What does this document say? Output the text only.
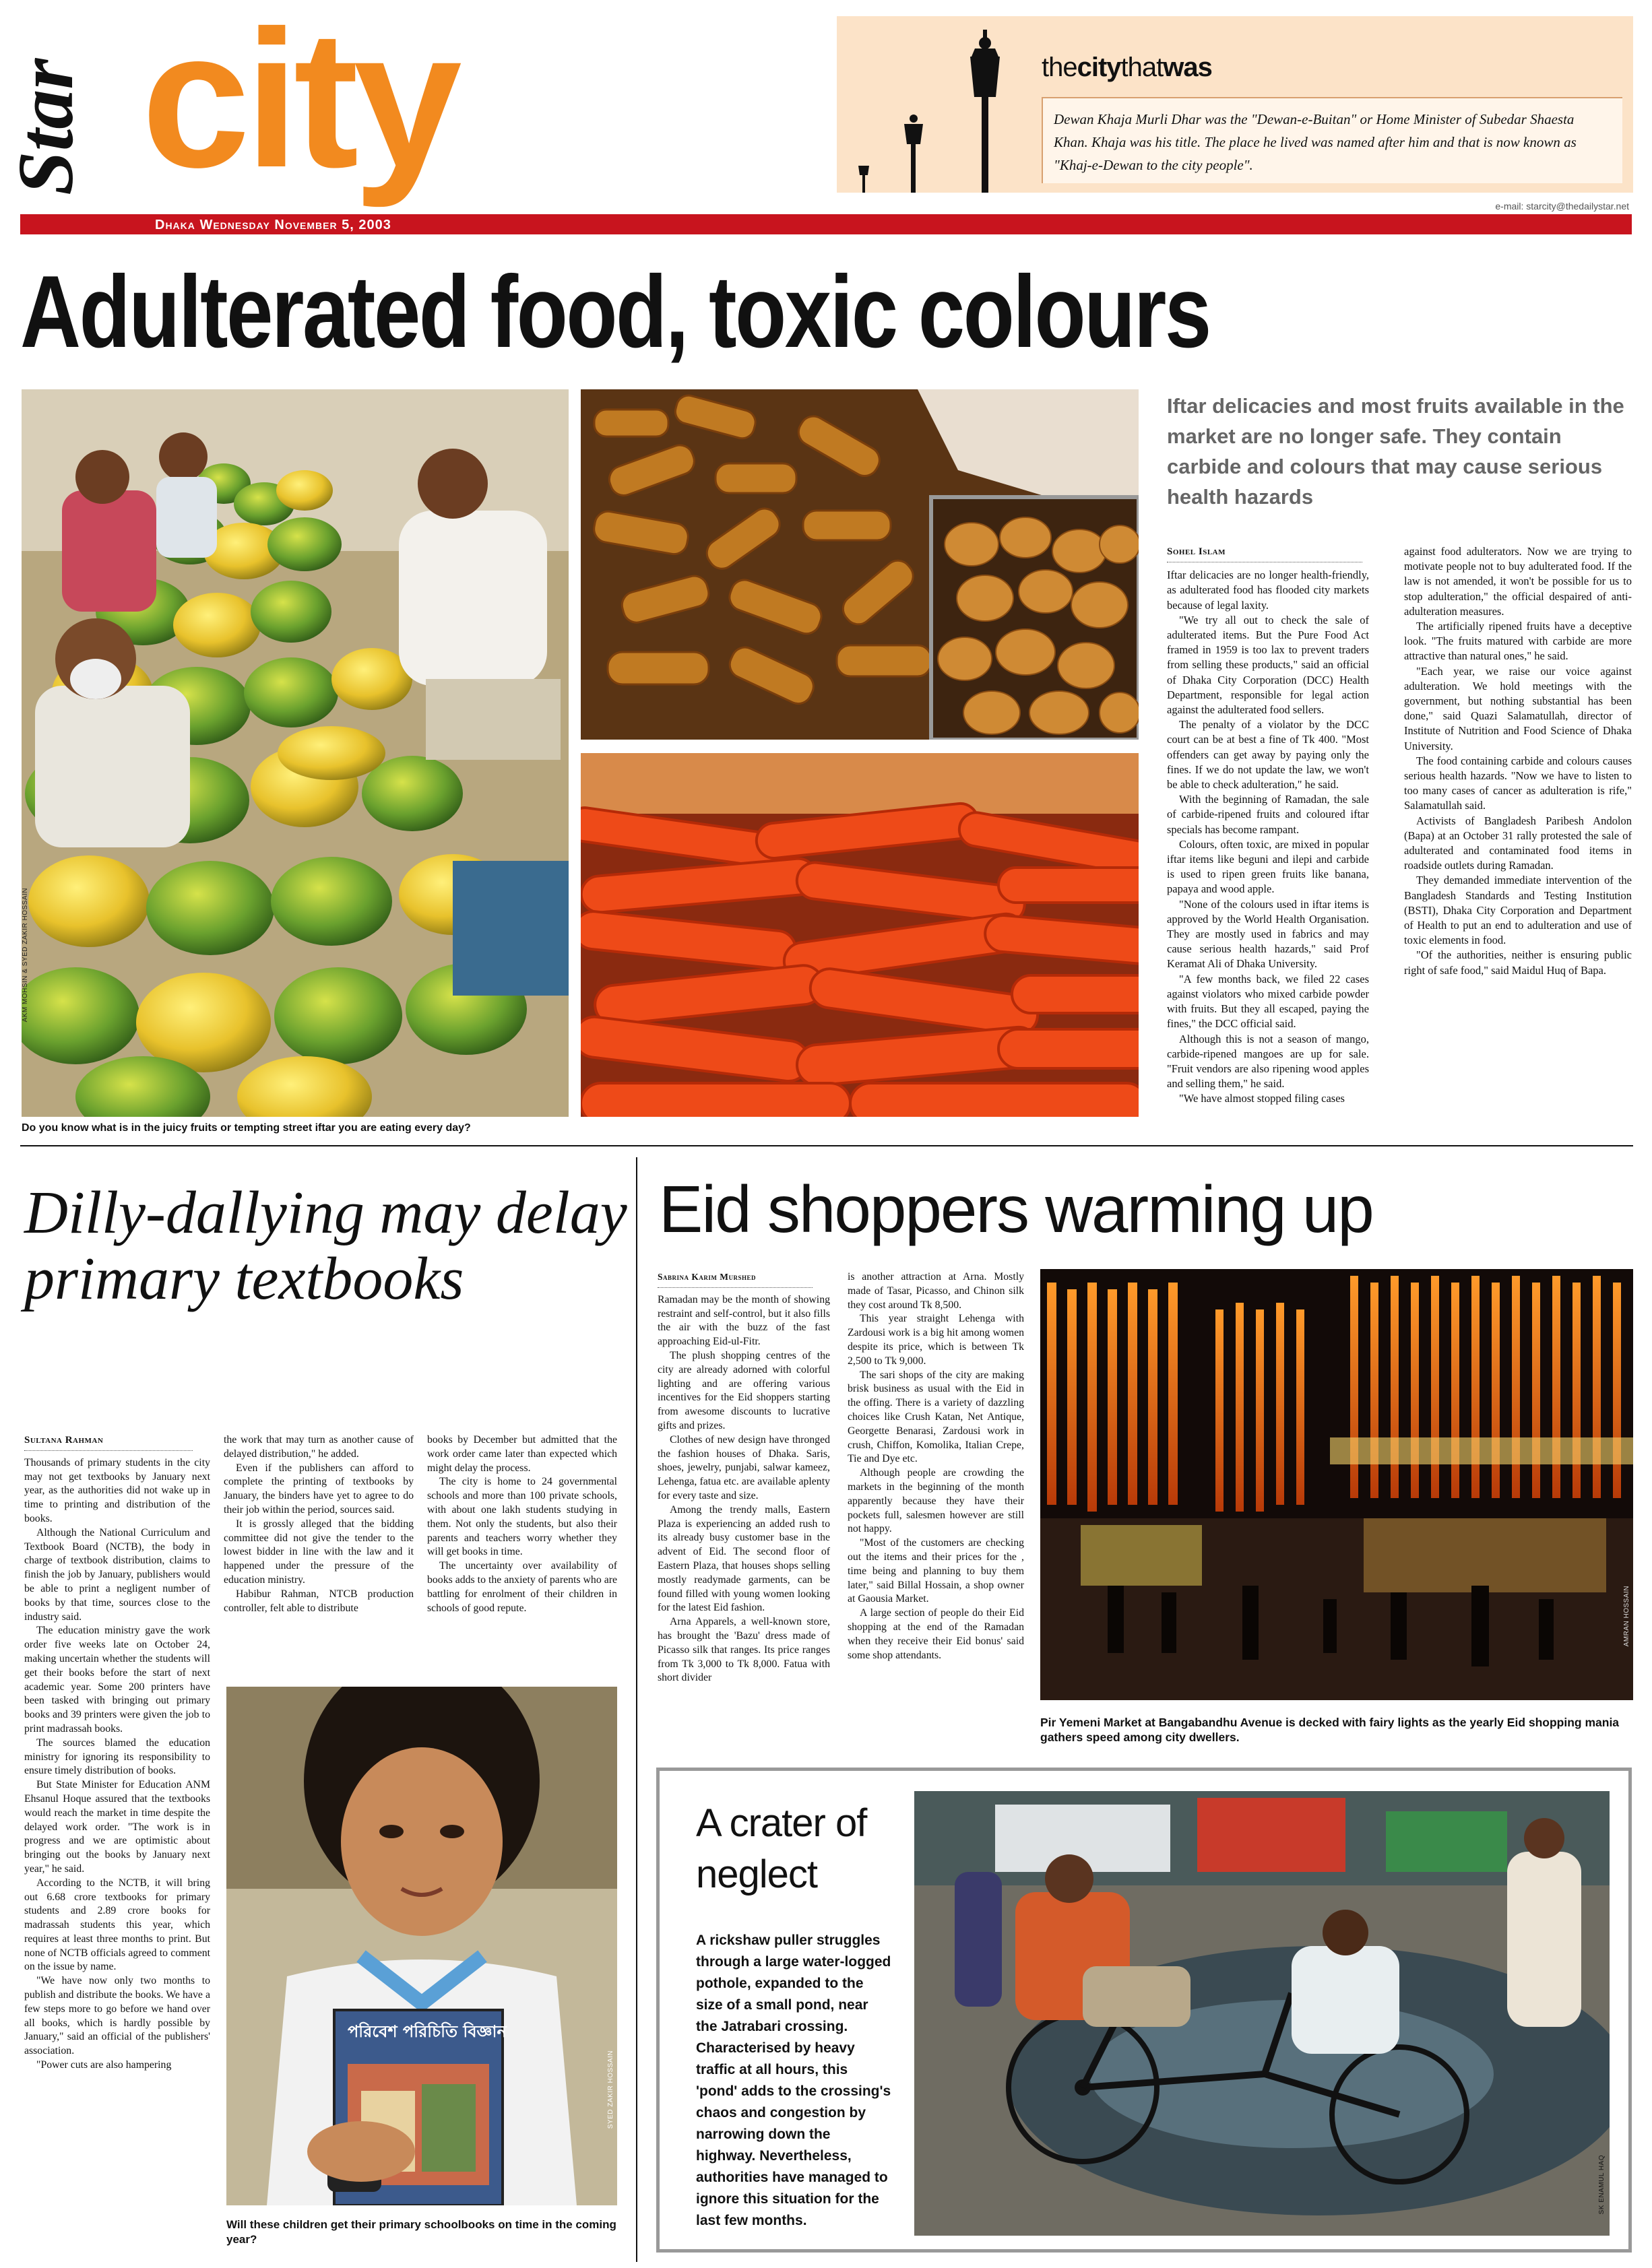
Star city
Dhaka Wednesday November 5, 2003
e-mail: starcity@thedailystar.net
thecitythatwas
Dewan Khaja Murli Dhar was the "Dewan-e-Buitan" or Home Minister of Subedar Shaesta Khan. Khaja was his title. The place he lived was named after him and that is now known as "Khaj-e-Dewan to the city people".
Adulterated food, toxic colours
AKM MOHSIN & SYED ZAKIR HOSSAIN
Do you know what is in the juicy fruits or tempting street iftar you are eating every day?
Iftar delicacies and most fruits available in the market are no longer safe. They contain carbide and colours that may cause serious health hazards
Sohel Islam

Iftar delicacies are no longer health-friendly, as adulterated food has flooded city markets because of legal laxity.

"We try all out to check the sale of adulterated items. But the Pure Food Act framed in 1959 is too lax to prevent traders from selling these products," said an official of Dhaka City Corporation (DCC) Health Department, responsible for legal action against the adulterated food sellers.

The penalty of a violator by the DCC court can be at best a fine of Tk 400. "Most offenders can get away by paying only the fines. If we do not update the law, we won't be able to check adulteration," he said.

With the beginning of Ramadan, the sale of carbide-ripened fruits and coloured iftar specials has become rampant.

Colours, often toxic, are mixed in popular iftar items like beguni and ilepi and carbide is used to ripen green fruits like banana, papaya and wood apple.

"None of the colours used in iftar items is approved by the World Health Organisation. They are mostly used in fabrics and may cause serious health hazards," said Prof Keramat Ali of Dhaka University.

"A few months back, we filed 22 cases against violators who mixed carbide powder with fruits. But they all escaped, paying the fines," the DCC official said.

Although this is not a season of mango, carbide-ripened mangoes are up for sale. "Fruit vendors are also ripening wood apples and selling them," he said.

"We have almost stopped filing cases

against food adulterators. Now we are trying to motivate people not to buy adulterated food. If the law is not amended, it won't be possible for us to stop adulteration," the official despaired of anti-adulteration measures.

The artificially ripened fruits have a deceptive look. "The fruits matured with carbide are more attractive than natural ones," he said.

"Each year, we raise our voice against adulteration. We hold meetings with the government, but nothing substantial has been done," said Quazi Salamatullah, director of Institute of Nutrition and Food Science of Dhaka University.

The food containing carbide and colours causes serious health hazards. "Now we have to listen to too many cases of cancer as adulteration is rife," Salamatullah said.

Activists of Bangladesh Paribesh Andolon (Bapa) at an October 31 rally protested the sale of adulterated and contaminated food items in roadside outlets during Ramadan.

They demanded immediate intervention of the Bangladesh Standards and Testing Institution (BSTI), Dhaka City Corporation and Department of Health to put an end to adulteration and use of toxic elements in food.

"Of the authorities, neither is ensuring public right of safe food," said Maidul Huq of Bapa.

Dilly-dallying may delay primary textbooks
Sultana Rahman

Thousands of primary students in the city may not get textbooks by January next year, as the authorities did not wake up in time to printing and distribution of the books.

Although the National Curriculum and Textbook Board (NCTB), the body in charge of textbook distribution, claims to finish the job by January, publishers would be able to print a negligent number of books by that time, sources close to the industry said.

The education ministry gave the work order five weeks late on October 24, making uncertain whether the students will get their books before the start of next academic year. Some 200 printers have been tasked with bringing out primary books and 39 printers were given the job to print madrassah books.

The sources blamed the education ministry for ignoring its responsibility to ensure timely distribution of books.

But State Minister for Education ANM Ehsanul Hoque assured that the textbooks would reach the market in time despite the delayed work order. "The work is in progress and we are optimistic about bringing out the books by January next year," he said.

According to the NCTB, it will bring out 6.68 crore textbooks for primary students and 2.89 crore books for madrassah students this year, which requires at least three months to print. But none of NCTB officials agreed to comment on the issue by name.

"We have now only two months to publish and distribute the books. We have a few steps more to go before we hand over all books, which is hardly possible by January," said an official of the publishers' association.

"Power cuts are also hampering

the work that may turn as another cause of delayed distribution," he added.

Even if the publishers can afford to complete the printing of textbooks by January, the binders have yet to agree to do their job within the period, sources said.

It is grossly alleged that the bidding committee did not give the tender to the lowest bidder in line with the law and it happened under the pressure of the education ministry.

Habibur Rahman, NTCB production controller, felt able to distribute

books by December but admitted that the work order came later than expected which might delay the process.

The city is home to 24 governmental schools and more than 100 private schools, with about one lakh students studying in them. Not only the students, but also their parents and teachers worry whether they will get books in time.

The uncertainty over availability of books adds to the anxiety of parents who are battling for enrolment of their children in schools of good repute.

পরিবেশ পরিচিতি বিজ্ঞান
SYED ZAKIR HOSSAIN
Will these children get their primary schoolbooks on time in the coming year?
Eid shoppers warming up
Sabrina Karim Murshed

Ramadan may be the month of showing restraint and self-control, but it also fills the air with the buzz of the fast approaching Eid-ul-Fitr.

The plush shopping centres of the city are already adorned with colorful lighting and are offering various incentives for the Eid shoppers starting from awesome discounts to lucrative gifts and prizes.

Clothes of new design have thronged the fashion houses of Dhaka. Saris, shoes, jewelry, punjabi, salwar kameez, Lehenga, fatua etc. are available aplenty for every taste and size.

Among the trendy malls, Eastern Plaza is experiencing an added rush to its already busy customer base in the advent of Eid. The second floor of Eastern Plaza, that houses shops selling mostly readymade garments, can be found filled with young women looking for the latest Eid fashion.

Arna Apparels, a well-known store, has brought the 'Bazu' dress made of Picasso silk that ranges. Its price ranges from Tk 3,000 to Tk 8,000. Fatua with short divider

is another attraction at Arna. Mostly made of Tasar, Picasso, and Chinon silk they cost around Tk 8,500.

This year straight Lehenga with Zardousi work is a big hit among women despite its price, which is between Tk 2,500 to Tk 9,000.

The sari shops of the city are making brisk business as usual with the Eid in the offing. There is a variety of dazzling choices like Crush Katan, Net Antique, Georgette Benarasi, Zardousi work in crush, Chiffon, Komolika, Italian Crepe, Tie and Dye etc.

Although people are crowding the markets in the beginning of the month apparently because they have their pockets full, salesmen however are still not happy.

"Most of the customers are checking out the items and their prices for the , time being and planning to buy them later," said Billal Hossain, a shop owner at Gaousia Market.

A large section of people do their Eid shopping at the end of the Ramadan when they receive their Eid bonus' said some shop attendants.

AMRAN HOSSAIN
Pir Yemeni Market at Bangabandhu Avenue is decked with fairy lights as the yearly Eid shopping mania gathers speed among city dwellers.
A crater of neglect
A rickshaw puller struggles through a large water-logged pothole, expanded to the size of a small pond, near the Jatrabari crossing. Characterised by heavy traffic at all hours, this 'pond' adds to the crossing's chaos and congestion by narrowing down the highway. Nevertheless, authorities have managed to ignore this situation for the last few months.
SK ENAMUL HAQ
